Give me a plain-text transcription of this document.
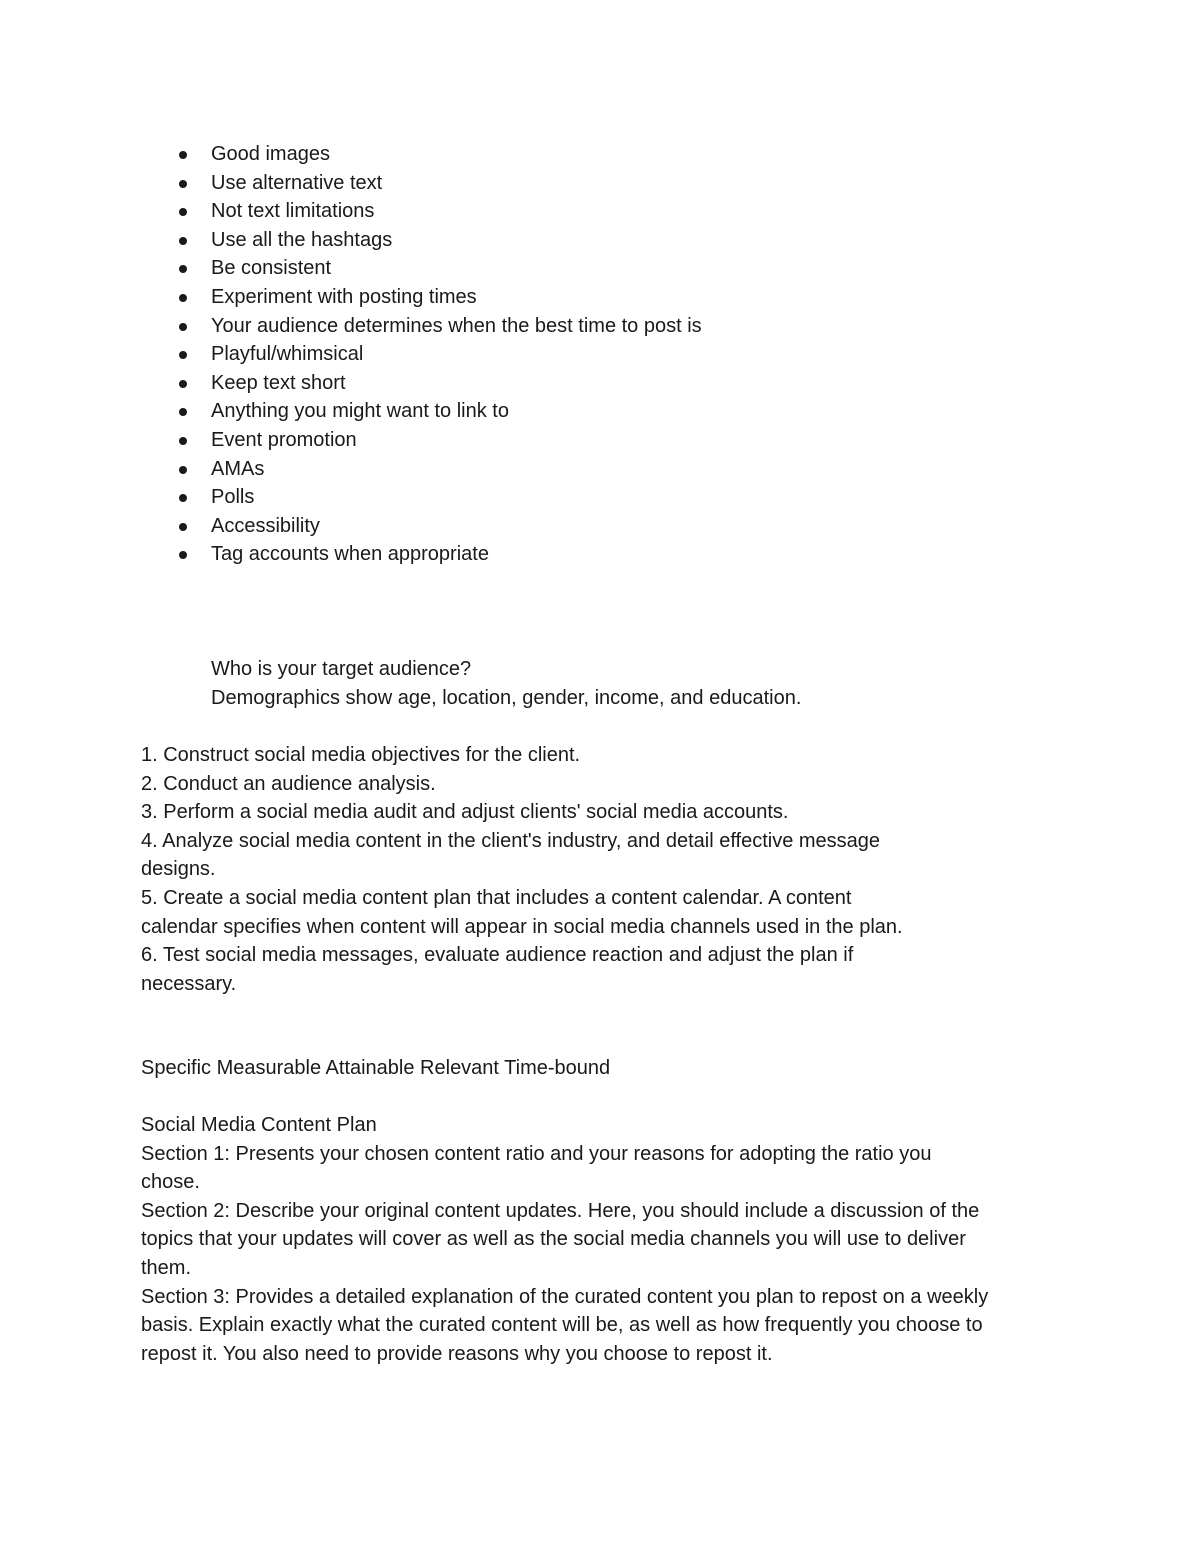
Good images
Use alternative text
Not text limitations
Use all the hashtags
Be consistent
Experiment with posting times
Your audience determines when the best time to post is
Playful/whimsical
Keep text short
Anything you might want to link to
Event promotion
AMAs
Polls
Accessibility
Tag accounts when appropriate
Who is your target audience?
Demographics show age, location, gender, income, and education.
1. Construct social media objectives for the client.
2. Conduct an audience analysis.
3. Perform a social media audit and adjust clients' social media accounts.
4. Analyze social media content in the client's industry, and detail effective message
designs.
5. Create a social media content plan that includes a content calendar. A content
calendar specifies when content will appear in social media channels used in the plan.
6. Test social media messages, evaluate audience reaction and adjust the plan if
necessary.
Specific Measurable Attainable Relevant Time-bound
Social Media Content Plan
Section 1: Presents your chosen content ratio and your reasons for adopting the ratio you
chose.
Section 2: Describe your original content updates. Here, you should include a discussion of the
topics that your updates will cover as well as the social media channels you will use to deliver
them.
Section 3: Provides a detailed explanation of the curated content you plan to repost on a weekly
basis. Explain exactly what the curated content will be, as well as how frequently you choose to
repost it. You also need to provide reasons why you choose to repost it.
